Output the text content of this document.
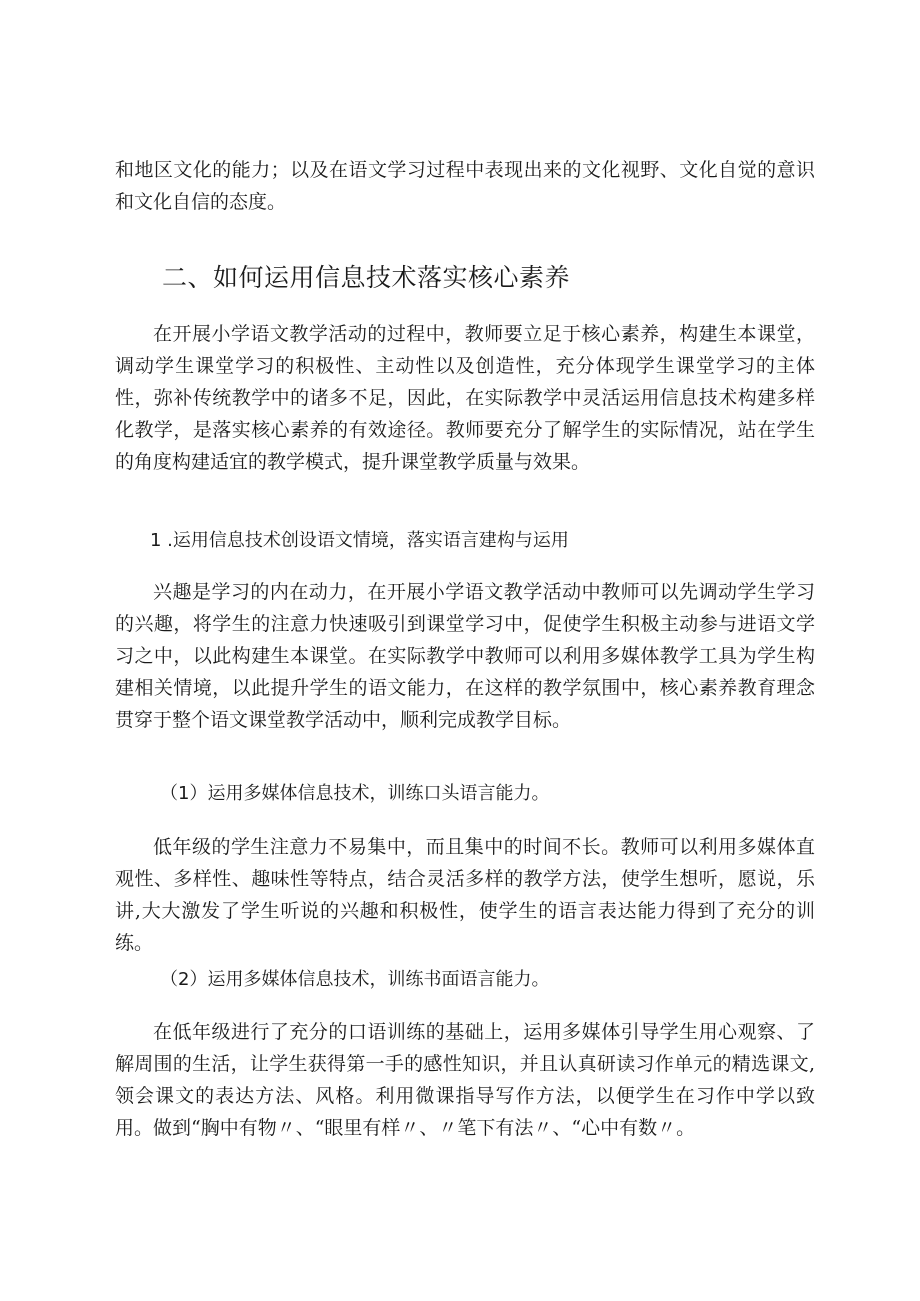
和地区文化的能力；以及在语文学习过程中表现出来的文化视野、文化自觉的意识和文化自信的态度。

二、如何运用信息技术落实核心素养

在开展小学语文教学活动的过程中，教师要立足于核心素养，构建生本课堂，调动学生课堂学习的积极性、主动性以及创造性，充分体现学生课堂学习的主体性，弥补传统教学中的诸多不足，因此，在实际教学中灵活运用信息技术构建多样化教学，是落实核心素养的有效途径。教师要充分了解学生的实际情况，站在学生的角度构建适宜的教学模式，提升课堂教学质量与效果。

1 .运用信息技术创设语文情境，落实语言建构与运用

兴趣是学习的内在动力，在开展小学语文教学活动中教师可以先调动学生学习的兴趣，将学生的注意力快速吸引到课堂学习中，促使学生积极主动参与进语文学习之中，以此构建生本课堂。在实际教学中教师可以利用多媒体教学工具为学生构建相关情境，以此提升学生的语文能力，在这样的教学氛围中，核心素养教育理念贯穿于整个语文课堂教学活动中，顺利完成教学目标。

（1）运用多媒体信息技术，训练口头语言能力。

低年级的学生注意力不易集中，而且集中的时间不长。教师可以利用多媒体直观性、多样性、趣味性等特点，结合灵活多样的教学方法，使学生想听，愿说，乐讲,大大激发了学生听说的兴趣和积极性，使学生的语言表达能力得到了充分的训练。

（2）运用多媒体信息技术，训练书面语言能力。

在低年级进行了充分的口语训练的基础上，运用多媒体引导学生用心观察、了解周围的生活，让学生获得第一手的感性知识，并且认真研读习作单元的精选课文,领会课文的表达方法、风格。利用微课指导写作方法，以便学生在习作中学以致用。做到“胸中有物〃、“眼里有样〃、〃笔下有法〃、“心中有数〃。
